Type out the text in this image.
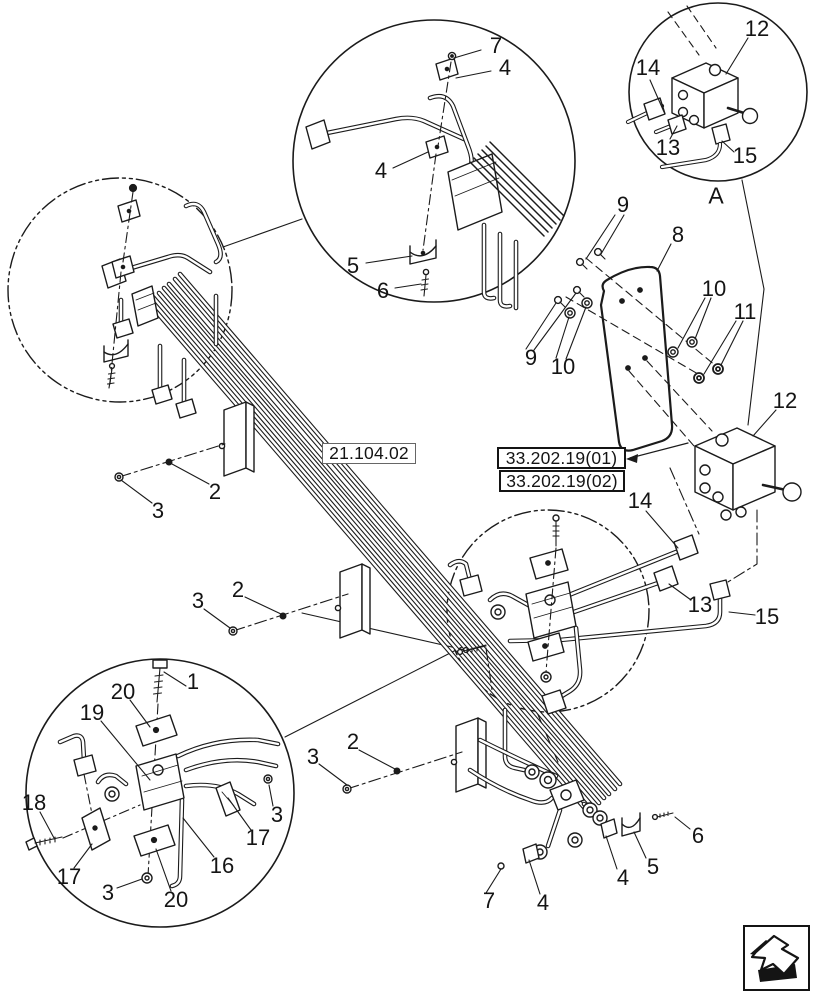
21.104.02	33.202.19(01)
33.202.19(02)
A
7
4
4
5
6
12
14
13 15
9
8
10
11
9 10
12
14
13 15
2
3
2
3
2
3
1
20
19
18
17
3 20
16
17
3
7 4
4 5
6
